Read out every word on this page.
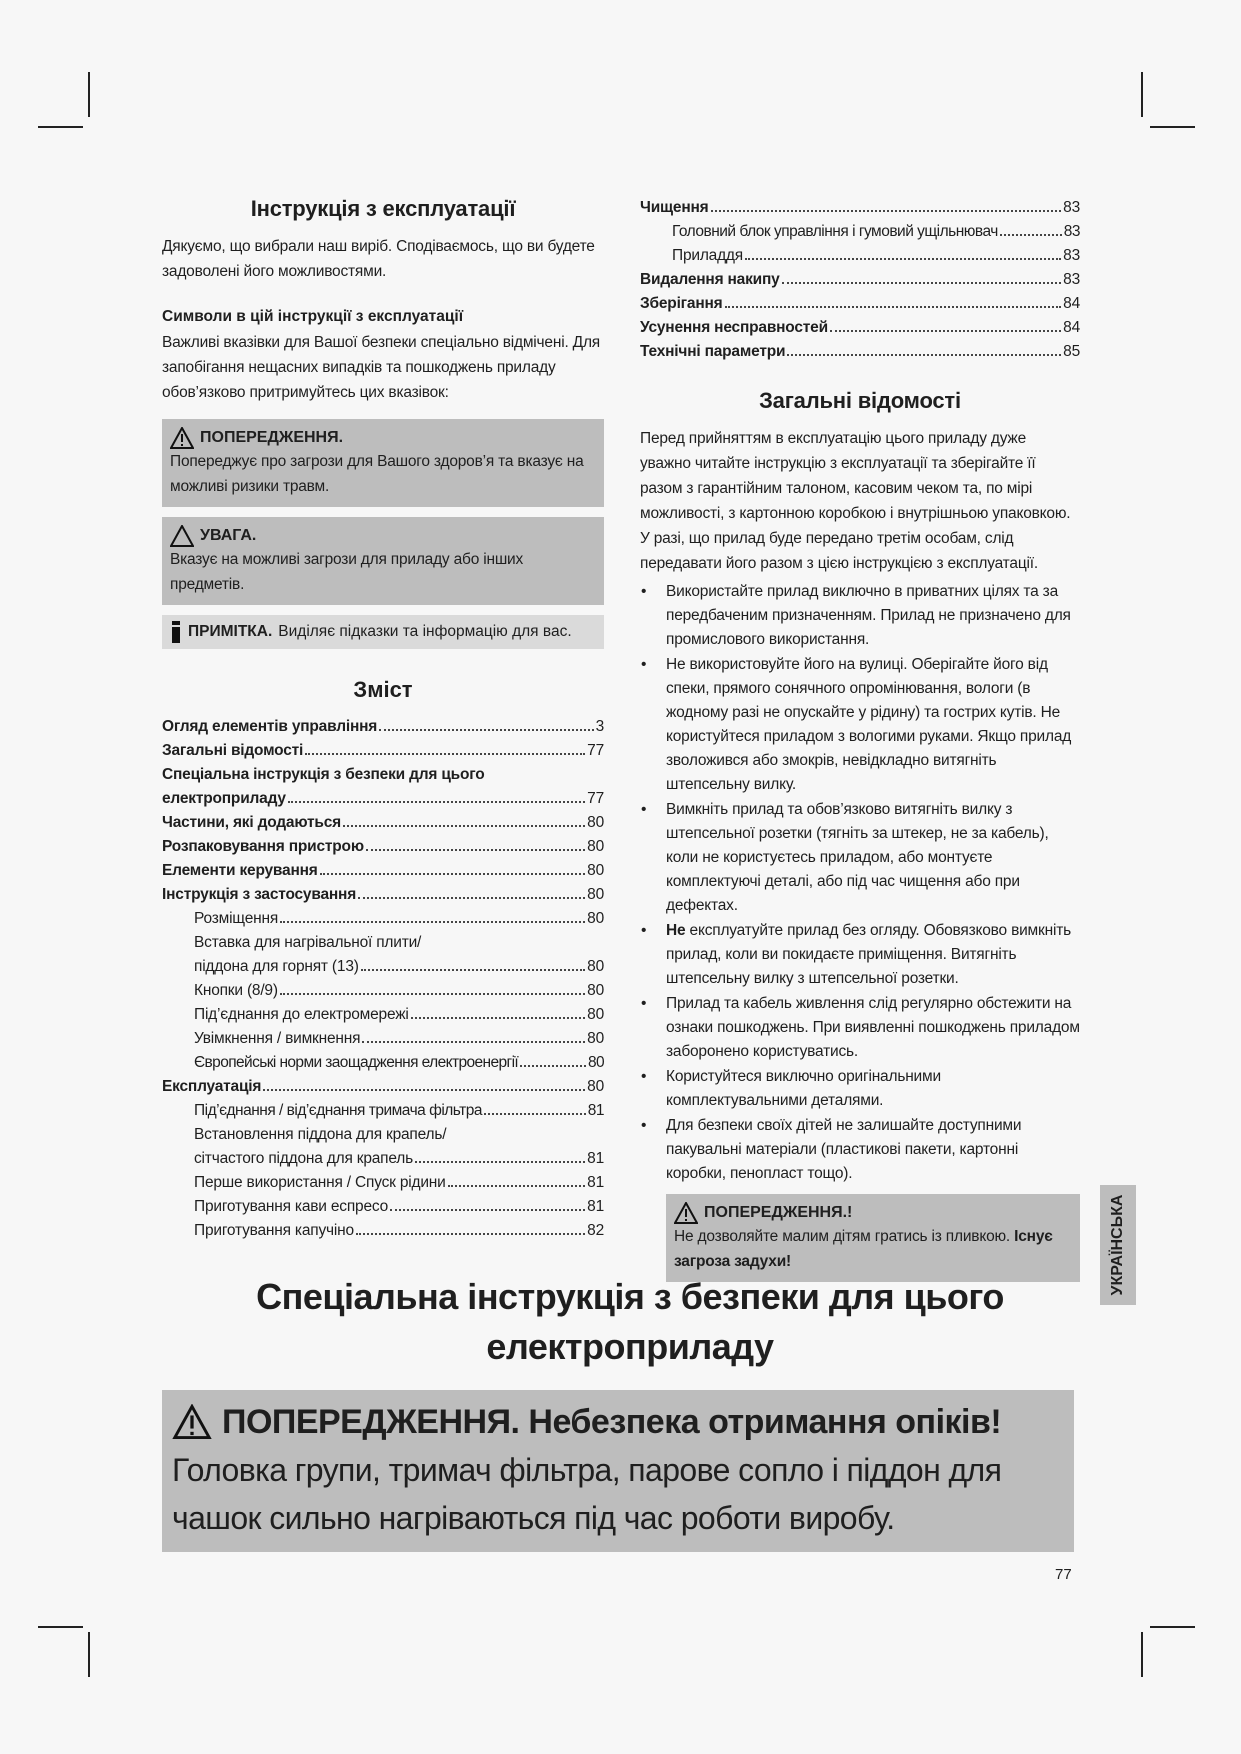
Інструкція з експлуатації

Дякуємо, що вибрали наш виріб. Сподіваємось, що ви будете задоволені його можливостями.

Символи в цій інструкції з експлуатації

Важливі вказівки для Вашої безпеки спеціально відмічені. Для запобігання нещасних випадків та пошкоджень приладу обов’язково притримуйтесь цих вказівок:

ПОПЕРЕДЖЕННЯ.
Попереджує про загрози для Вашого здоров’я та вказує на можливі ризики травм.
УВАГА.
Вказує на можливі загрози для приладу або інших предметів.
ПРИМІТКА. Виділяє підказки та інформацію для вас.
Зміст
Огляд елементів управління	3
Загальні відомості	77
Спеціальна інструкція з безпеки для цього
електроприладу	77
Частини, які додаються	80
Розпаковування пристрою	80
Елементи керування	80
Інструкція з застосування	80
Розміщення	80
Вставка для нагрівальної плити/
піддона для горнят (13)	80
Кнопки (8/9)	80
Під’єднання до електромережі	80
Увімкнення / вимкнення	80
Європейські норми заощадження електроенергії	80
Експлуатація	80
Під’єднання / від’єднання тримача фільтра	81
Встановлення піддона для крапель/
сітчастого піддона для крапель	81
Перше використання / Спуск рідини	81
Приготування кави еспресо	81
Приготування капучіно	82
Чищення	83
Головний блок управління і гумовий ущільнювач	83
Приладдя	83
Видалення накипу	83
Зберігання	84
Усунення несправностей	84
Технічні параметри	85
Загальні відомості

Перед прийняттям в експлуатацію цього приладу дуже уважно читайте інструкцію з експлуатації та зберігайте її разом з гарантійним талоном, касовим чеком та, по мірі можливості, з картонною коробкою і внутрішньою упаковкою. У разі, що прилад буде передано третім особам, слід передавати його разом з цією інструкцією з експлуатації.

• Використайте прилад виключно в приватних цілях та за передбаченим призначенням. Прилад не призначено для промислового використання.
• Не використовуйте його на вулиці. Оберігайте його від спеки, прямого сонячного опромінювання, вологи (в жодному разі не опускайте у рідину) та гострих кутів. Не користуйтеся приладом з вологими руками. Якщо прилад зволожився або змокрів, невідкладно витягніть штепсельну вилку.
• Вимкніть прилад та обов’язково витягніть вилку з штепсельної розетки (тягніть за штекер, не за кабель), коли не користуєтесь приладом, або монтуєте комплектуючі деталі, або під час чищення або при дефектах.
• Не експлуатуйте прилад без огляду. Обовязково вимкніть прилад, коли ви покидаєте приміщення. Витягніть штепсельну вилку з штепсельної розетки.
• Прилад та кабель живлення слід регулярно обстежити на ознаки пошкоджень. При виявленні пошкоджень приладом заборонено користуватись.
• Користуйтеся виключно оригінальними комплектувальними деталями.
• Для безпеки своїх дітей не залишайте доступними пакувальні матеріали (пластикові пакети, картонні коробки, пенопласт тощо).
ПОПЕРЕДЖЕННЯ.!
Не дозволяйте малим дітям гратись із пливкою. Існує загроза задухи!	УКРАЇНСЬКА
Спеціальна інструкція з безпеки для цього електроприладу
ПОПЕРЕДЖЕННЯ. Небезпека отримання опіків!
Головка групи, тримач фільтра, парове сопло і піддон для чашок сильно нагріваються під час роботи виробу.
77
